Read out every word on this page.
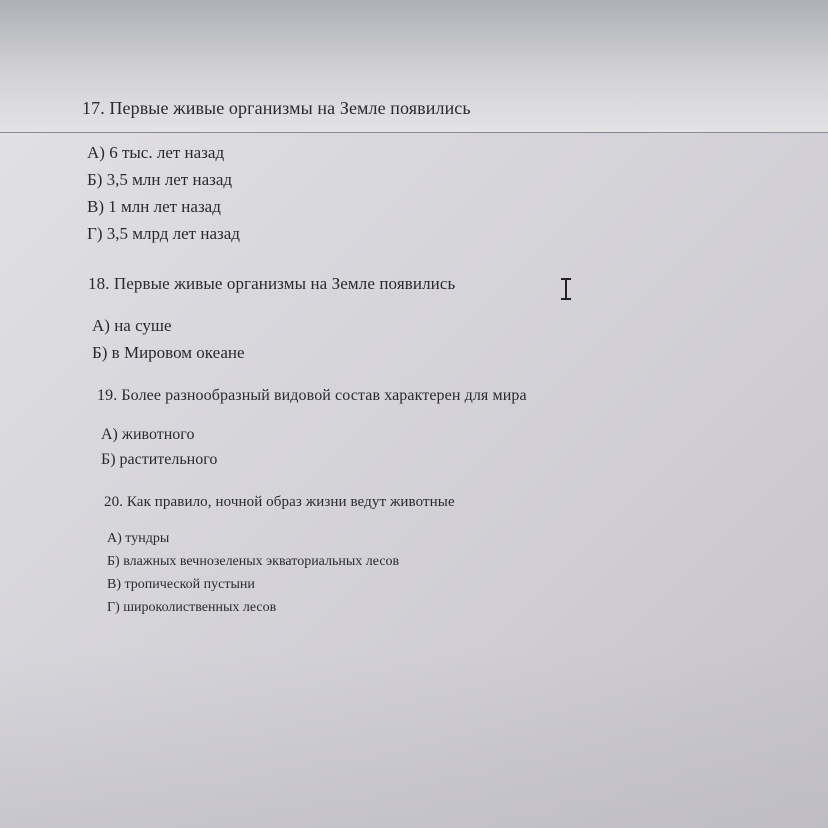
17. Первые живые организмы на Земле появились

А) 6 тыс. лет назад
Б) 3,5 млн лет назад
В) 1 млн лет назад
Г) 3,5 млрд лет назад

18. Первые живые организмы на Земле появились

А) на суше
Б) в Мировом океане

19. Более разнообразный видовой состав характерен для мира

А) животного
Б) растительного

20. Как правило, ночной образ жизни ведут животные

А) тундры
Б) влажных вечнозеленых экваториальных лесов
В) тропической пустыни
Г) широколиственных лесов
